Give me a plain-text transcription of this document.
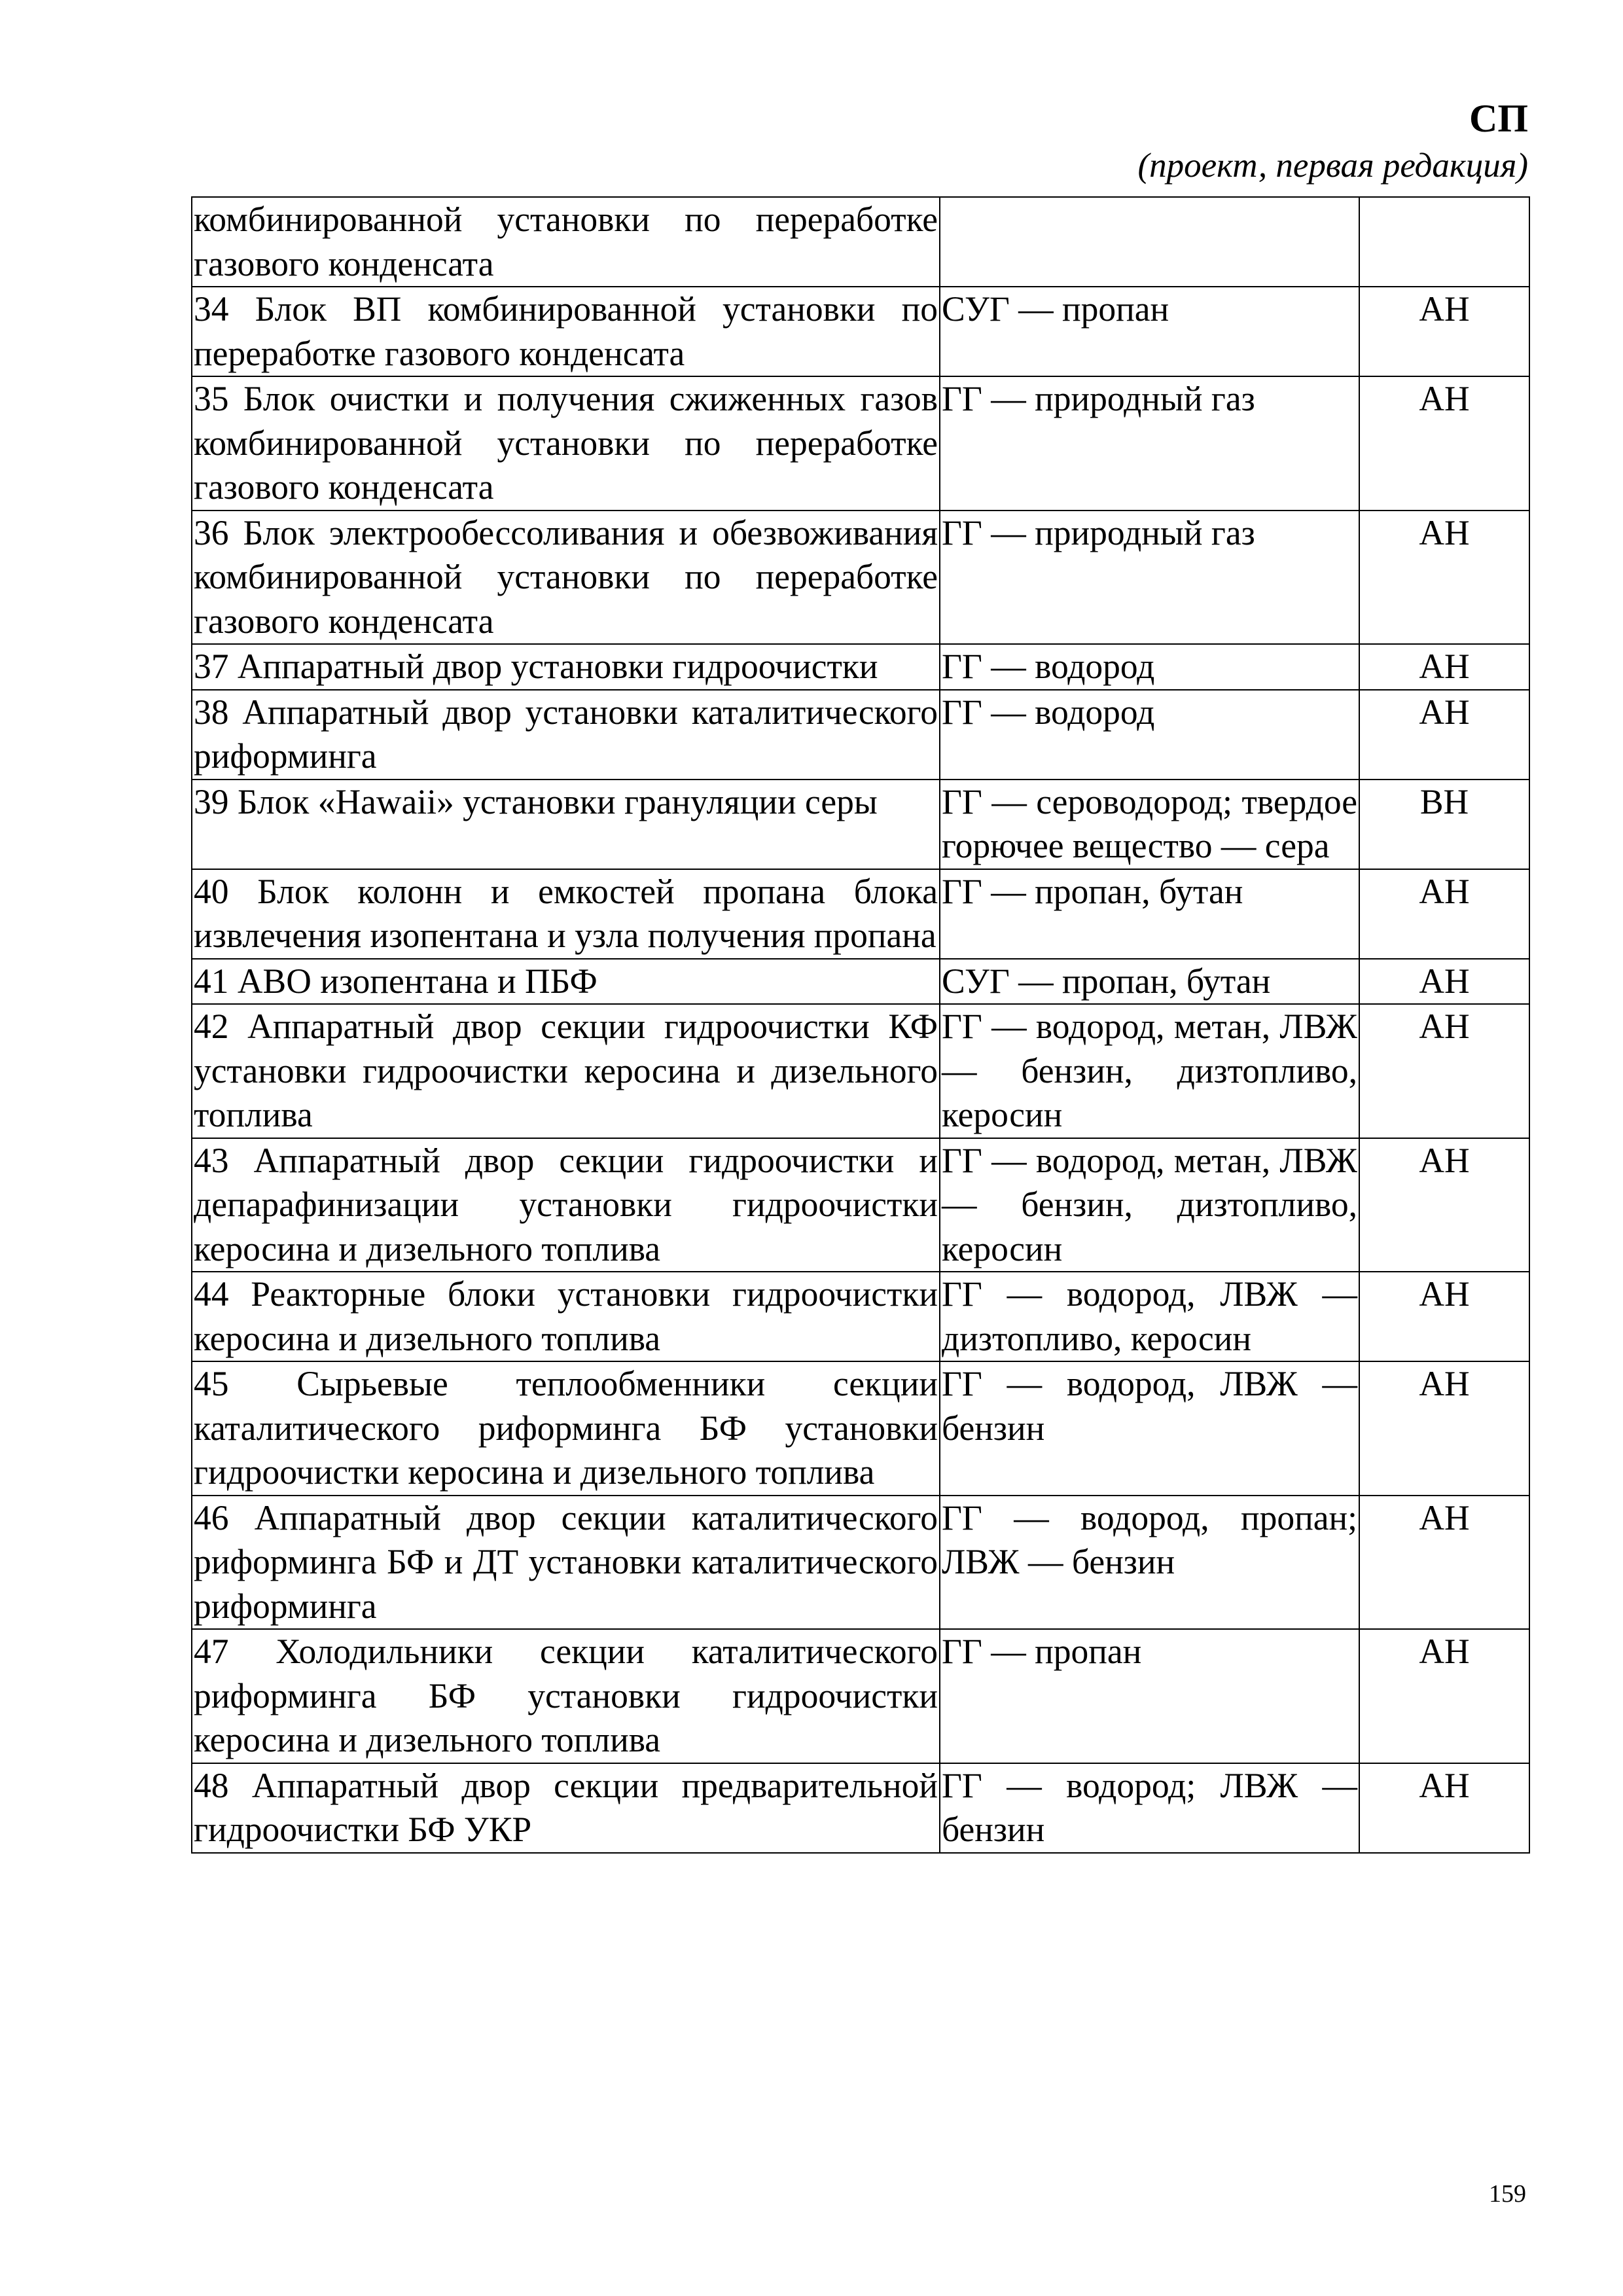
СП
(проект, первая редакция)
комбинированной установки по переработке газового конденсата		
34 Блок ВП комбинированной установки по переработке газового конденсата	СУГ — пропан	АН
35 Блок очистки и получения сжиженных газов комбинированной установки по переработке газового конденсата	ГГ — природный газ	АН
36 Блок электрообессоливания и обезвоживания комбинированной установки по переработке газового конденсата	ГГ — природный газ	АН
37 Аппаратный двор установки гидроочистки	ГГ — водород	АН
38 Аппаратный двор установки каталитического риформинга	ГГ — водород	АН
39 Блок «Hawaii» установки грануляции серы	ГГ — сероводород; твердое горючее вещество — сера	ВН
40 Блок колонн и емкостей пропана блока извлечения изопентана и узла получения пропана	ГГ — пропан, бутан	АН
41 АВО изопентана и ПБФ	СУГ — пропан, бутан	АН
42 Аппаратный двор секции гидроочистки КФ установки гидроочистки керосина и дизельного топлива	ГГ — водород, метан, ЛВЖ — бензин, дизтопливо, керосин	АН
43 Аппаратный двор секции гидроочистки и депарафинизации установки гидроочистки керосина и дизельного топлива	ГГ — водород, метан, ЛВЖ — бензин, дизтопливо, керосин	АН
44 Реакторные блоки установки гидроочистки керосина и дизельного топлива	ГГ — водород, ЛВЖ — дизтопливо, керосин	АН
45 Сырьевые теплообменники секции каталитического риформинга БФ установки гидроочистки керосина и дизельного топлива	ГГ — водород, ЛВЖ — бензин	АН
46 Аппаратный двор секции каталитического риформинга БФ и ДТ установки каталитического риформинга	ГГ — водород, пропан; ЛВЖ — бензин	АН
47 Холодильники секции каталитического риформинга БФ установки гидроочистки керосина и дизельного топлива	ГГ — пропан	АН
48 Аппаратный двор секции предварительной гидроочистки БФ УКР	ГГ — водород; ЛВЖ — бензин	АН
159
